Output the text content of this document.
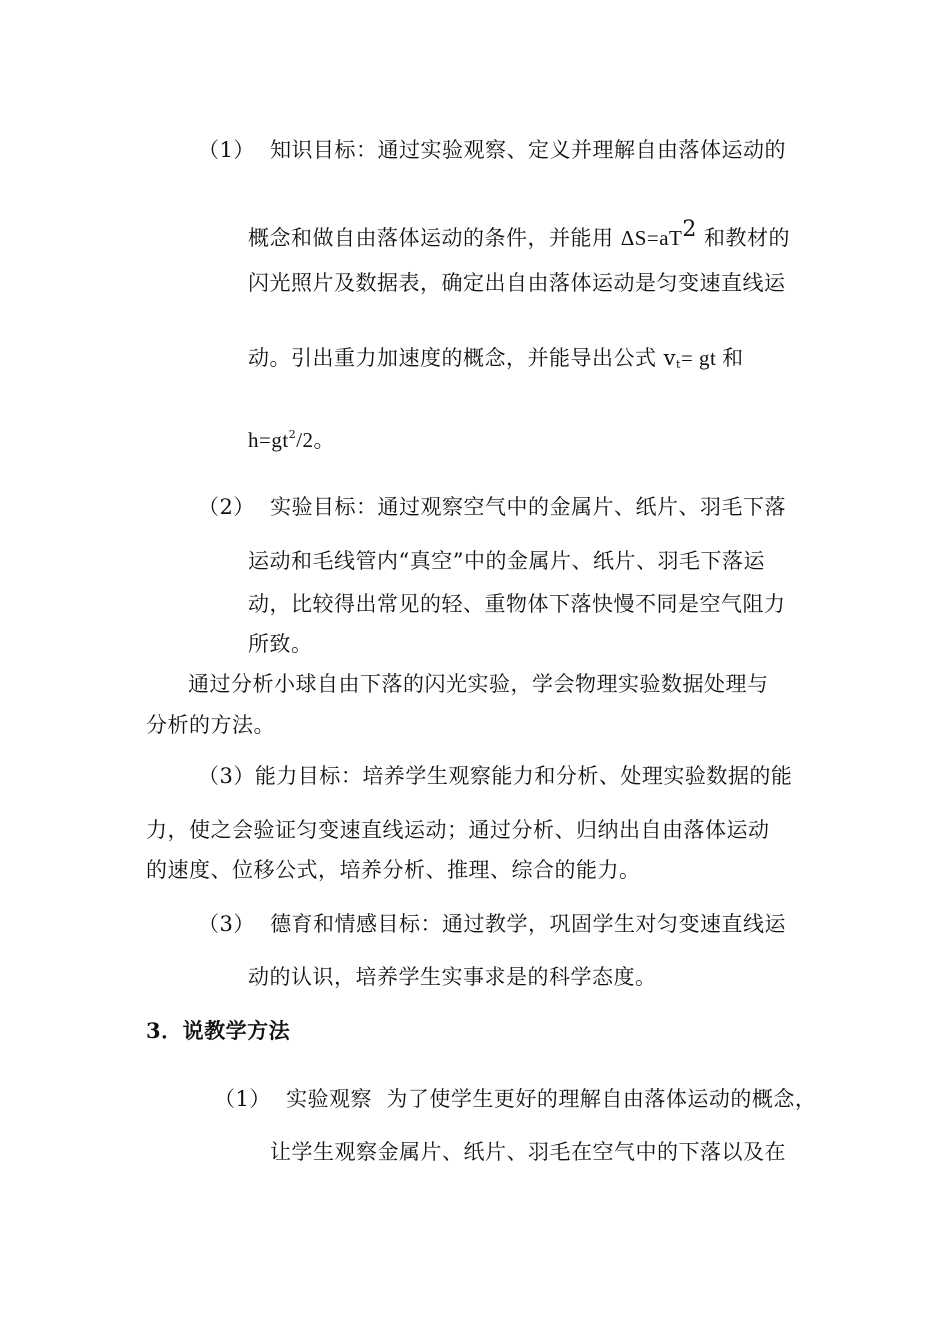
（1） 知识目标：通过实验观察、定义并理解自由落体运动的
概念和做自由落体运动的条件，并能用 $\Delta S=aT^2$ 和教材的
闪光照片及数据表，确定出自由落体运动是匀变速直线运
动。引出重力加速度的概念，并能导出公式 $v_t=$ gt 和
$h=gt^2/2$。
（2） 实验目标：通过观察空气中的金属片、纸片、羽毛下落
运动和毛线管内“真空”中的金属片、纸片、羽毛下落运
动，比较得出常见的轻、重物体下落快慢不同是空气阻力
所致。
通过分析小球自由下落的闪光实验，学会物理实验数据处理与
分析的方法。
（3）能力目标：培养学生观察能力和分析、处理实验数据的能
力，使之会验证匀变速直线运动；通过分析、归纳出自由落体运动
的速度、位移公式，培养分析、推理、综合的能力。
（3） 德育和情感目标：通过教学，巩固学生对匀变速直线运
动的认识，培养学生实事求是的科学态度。
3．说教学方法
（1） 实验观察  为了使学生更好的理解自由落体运动的概念，
让学生观察金属片、纸片、羽毛在空气中的下落以及在
